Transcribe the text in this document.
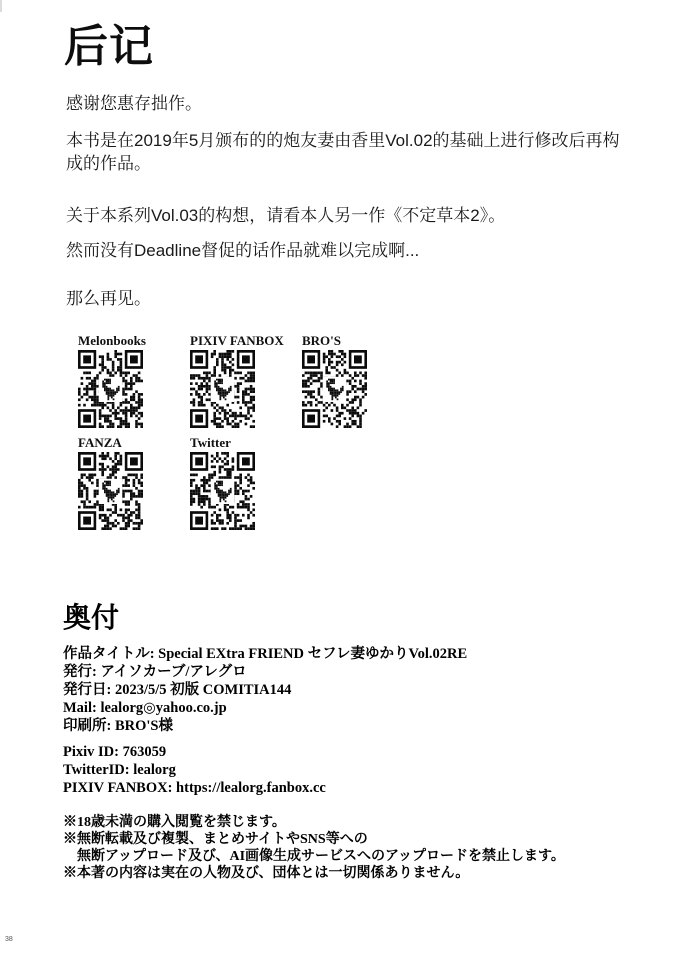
后记

感谢您惠存拙作。

本书是在2019年5月颁布的的炮友妻由香里Vol.02的基础上进行修改后再构成的作品。

关于本系列Vol.03的构想，请看本人另一作《不定草本2》。

然而没有Deadline督促的话作品就难以完成啊...

那么再见。

Melonbooks	PIXIV FANBOX BRO'S
FANZA	Twitter
奥付
作品タイトル: Special EXtra FRIEND セフレ妻ゆかりVol.02RE
発行: アイソカーブ/アレグロ
発行日: 2023/5/5 初版 COMITIA144
Mail: lealorg◎yahoo.co.jp
印刷所: BRO'S様
Pixiv ID: 763059
TwitterID: lealorg
PIXIV FANBOX: https://lealorg.fanbox.cc
※18歳未満の購入閲覧を禁じます。
※無断転載及び複製、まとめサイトやSNS等への
　無断アップロード及び、AI画像生成サービスへのアップロードを禁止します。
※本著の内容は実在の人物及び、団体とは一切関係ありません。
38
